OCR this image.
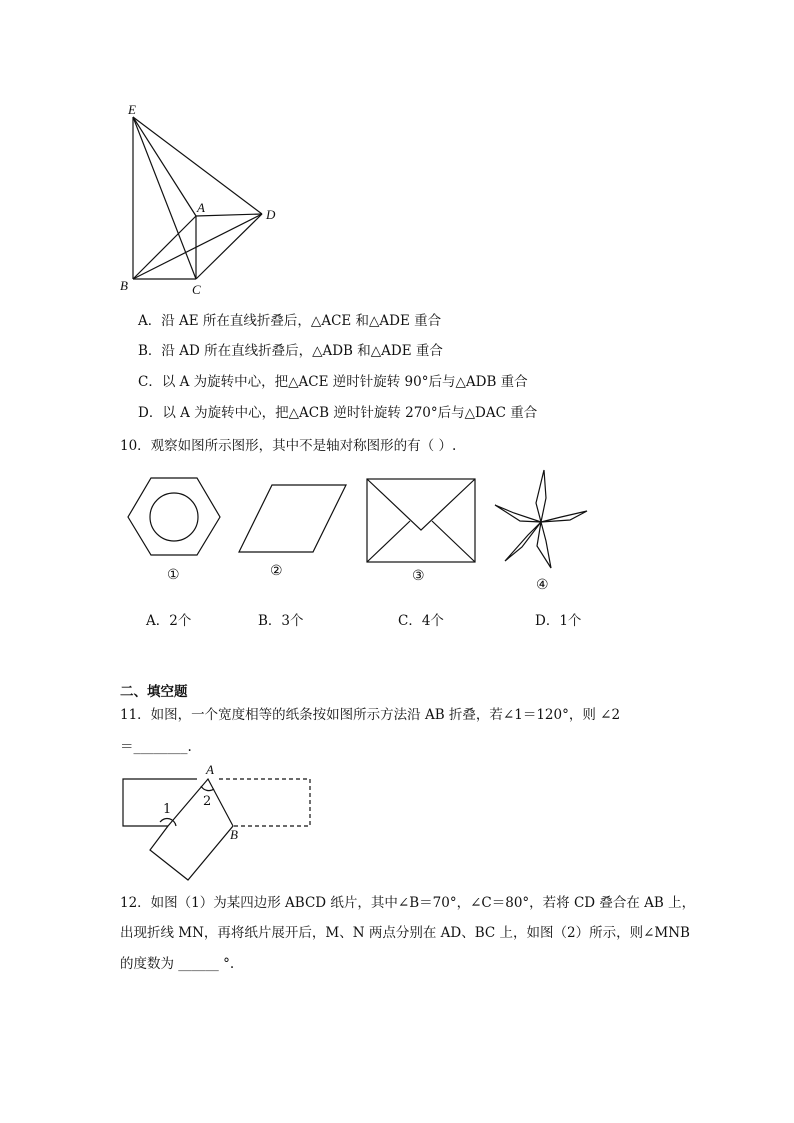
E
A	D
B	C
A．沿 AE 所在直线折叠后，△ACE 和△ADE 重合
B．沿 AD 所在直线折叠后，△ADB 和△ADE 重合
C．以 A 为旋转中心，把△ACE 逆时针旋转 90°后与△ADB 重合
D．以 A 为旋转中心，把△ACB 逆时针旋转 270°后与△DAC 重合
10．观察如图所示图形，其中不是轴对称图形的有（ ）.
①	②	③
④
A．2个	B．3个	C．4个	D．1个
二、填空题
11．如图，一个宽度相等的纸条按如图所示方法沿 AB 折叠，若∠1＝120°，则 ∠2
＝________.
A
B
1
2
12．如图（1）为某四边形 ABCD 纸片，其中∠B＝70°，∠C＝80°，若将 CD 叠合在 AB 上，
出现折线 MN，再将纸片展开后，M、N 两点分别在 AD、BC 上，如图（2）所示，则∠MNB
的度数为 ______ °.
